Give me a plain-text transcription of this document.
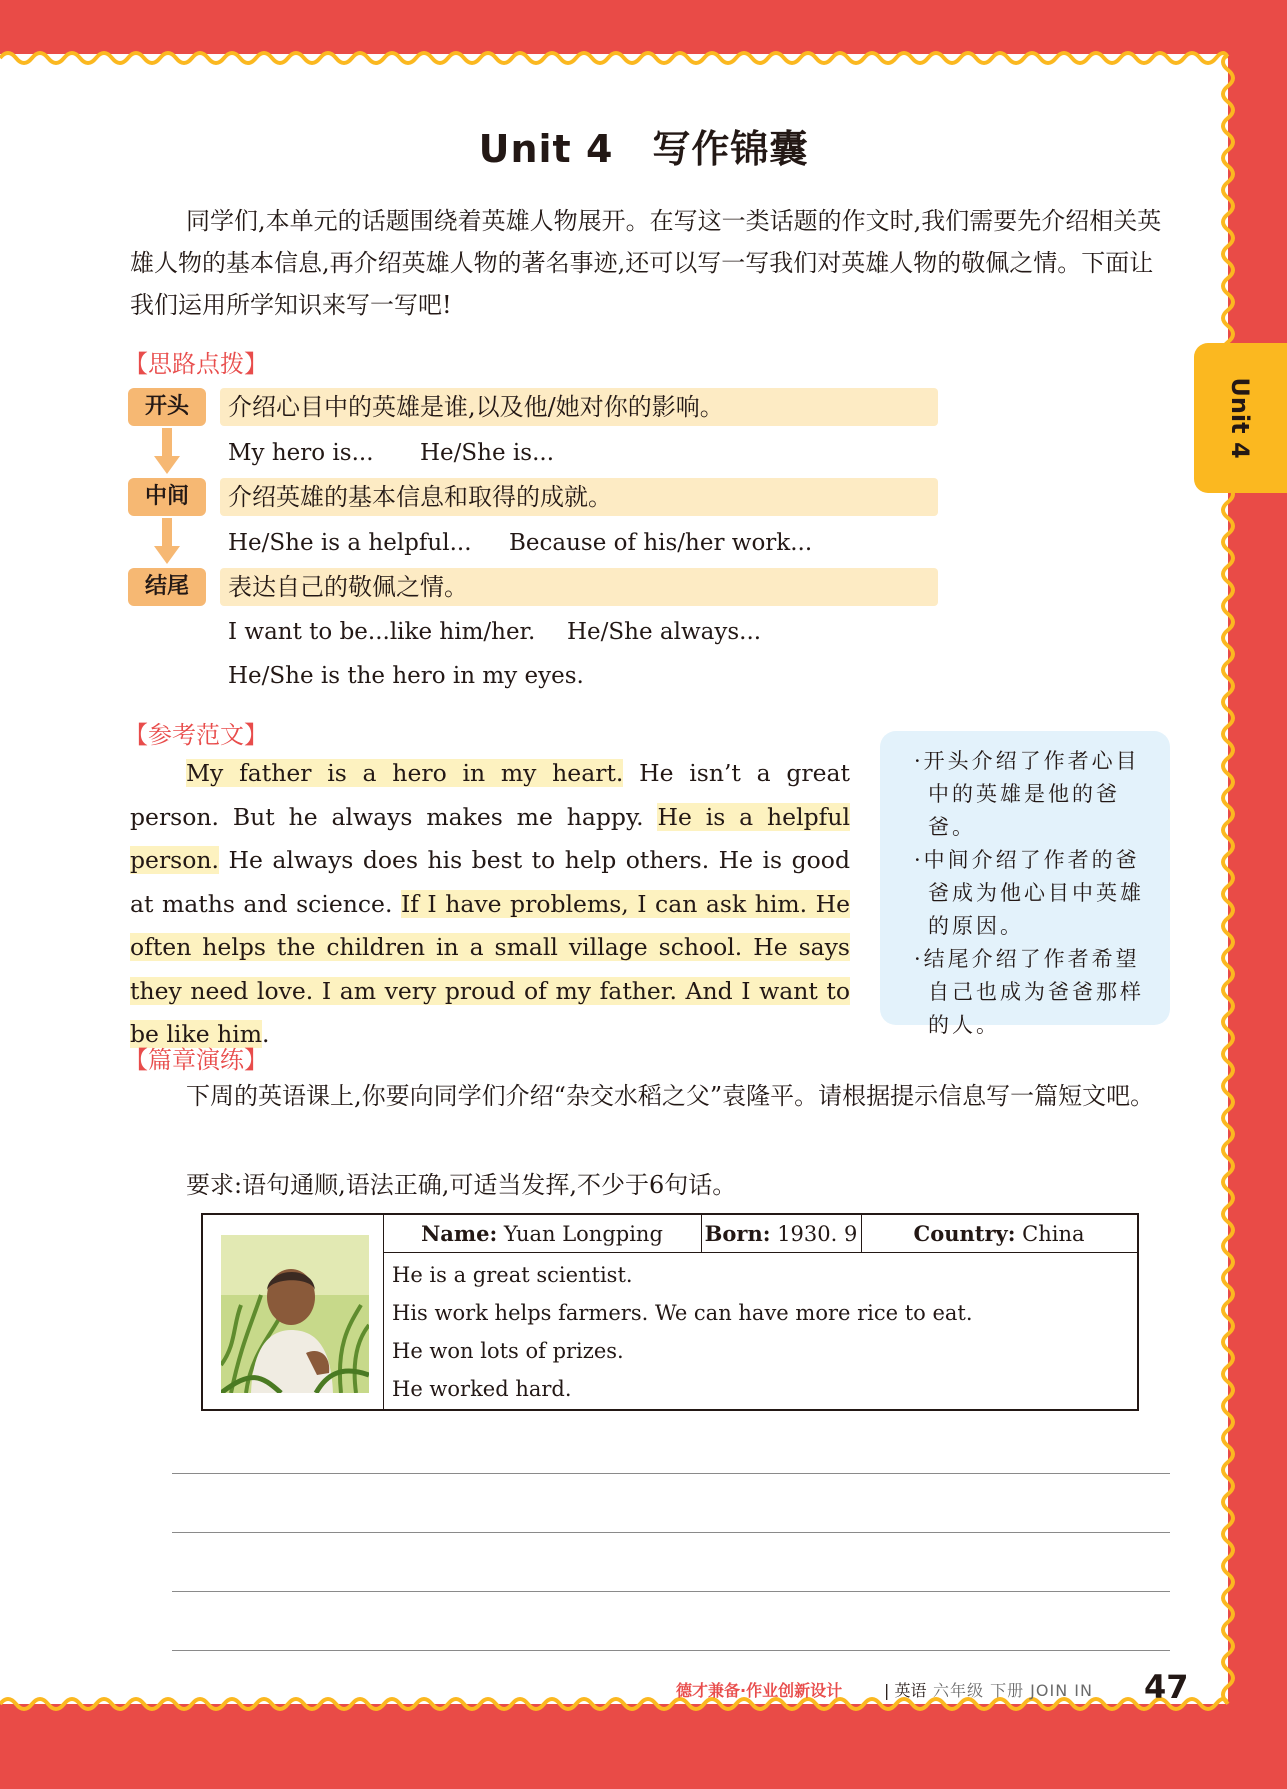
Unit 4
Unit 4　写作锦囊

同学们,本单元的话题围绕着英雄人物展开。在写这一类话题的作文时,我们需要先介绍相关英雄人物的基本信息,再介绍英雄人物的著名事迹,还可以写一写我们对英雄人物的敬佩之情。下面让我们运用所学知识来写一写吧!

【思路点拨】
开头	介绍心目中的英雄是谁,以及他/她对你的影响。
My hero is... He/She is...
中间	介绍英雄的基本信息和取得的成就。
He/She is a helpful... Because of his/her work...
结尾	表达自己的敬佩之情。
I want to be...like him/her. He/She always...
He/She is the hero in my eyes.
【参考范文】

My father is a hero in my heart. He isn’t a great person. But he always makes me happy. He is a helpful person. He always does his best to help others. He is good at maths and science. If I have problems, I can ask him. He often helps the children in a small village school. He says they need love. I am very proud of my father. And I want to be like him.

·开头介绍了作者心目中的英雄是他的爸爸。

·中间介绍了作者的爸爸成为他心目中英雄的原因。

·结尾介绍了作者希望自己也成为爸爸那样的人。

【篇章演练】

下周的英语课上,你要向同学们介绍“杂交水稻之父”袁隆平。请根据提示信息写一篇短文吧。

要求:语句通顺,语法正确,可适当发挥,不少于6句话。
Name: Yuan Longping	Born: 1930. 9	Country: China
He is a great scientist.
His work helps farmers. We can have more rice to eat.
He won lots of prizes.
He worked hard.
德才兼备·作业创新设计	| 英语 六年级 下册 JOIN IN 47
